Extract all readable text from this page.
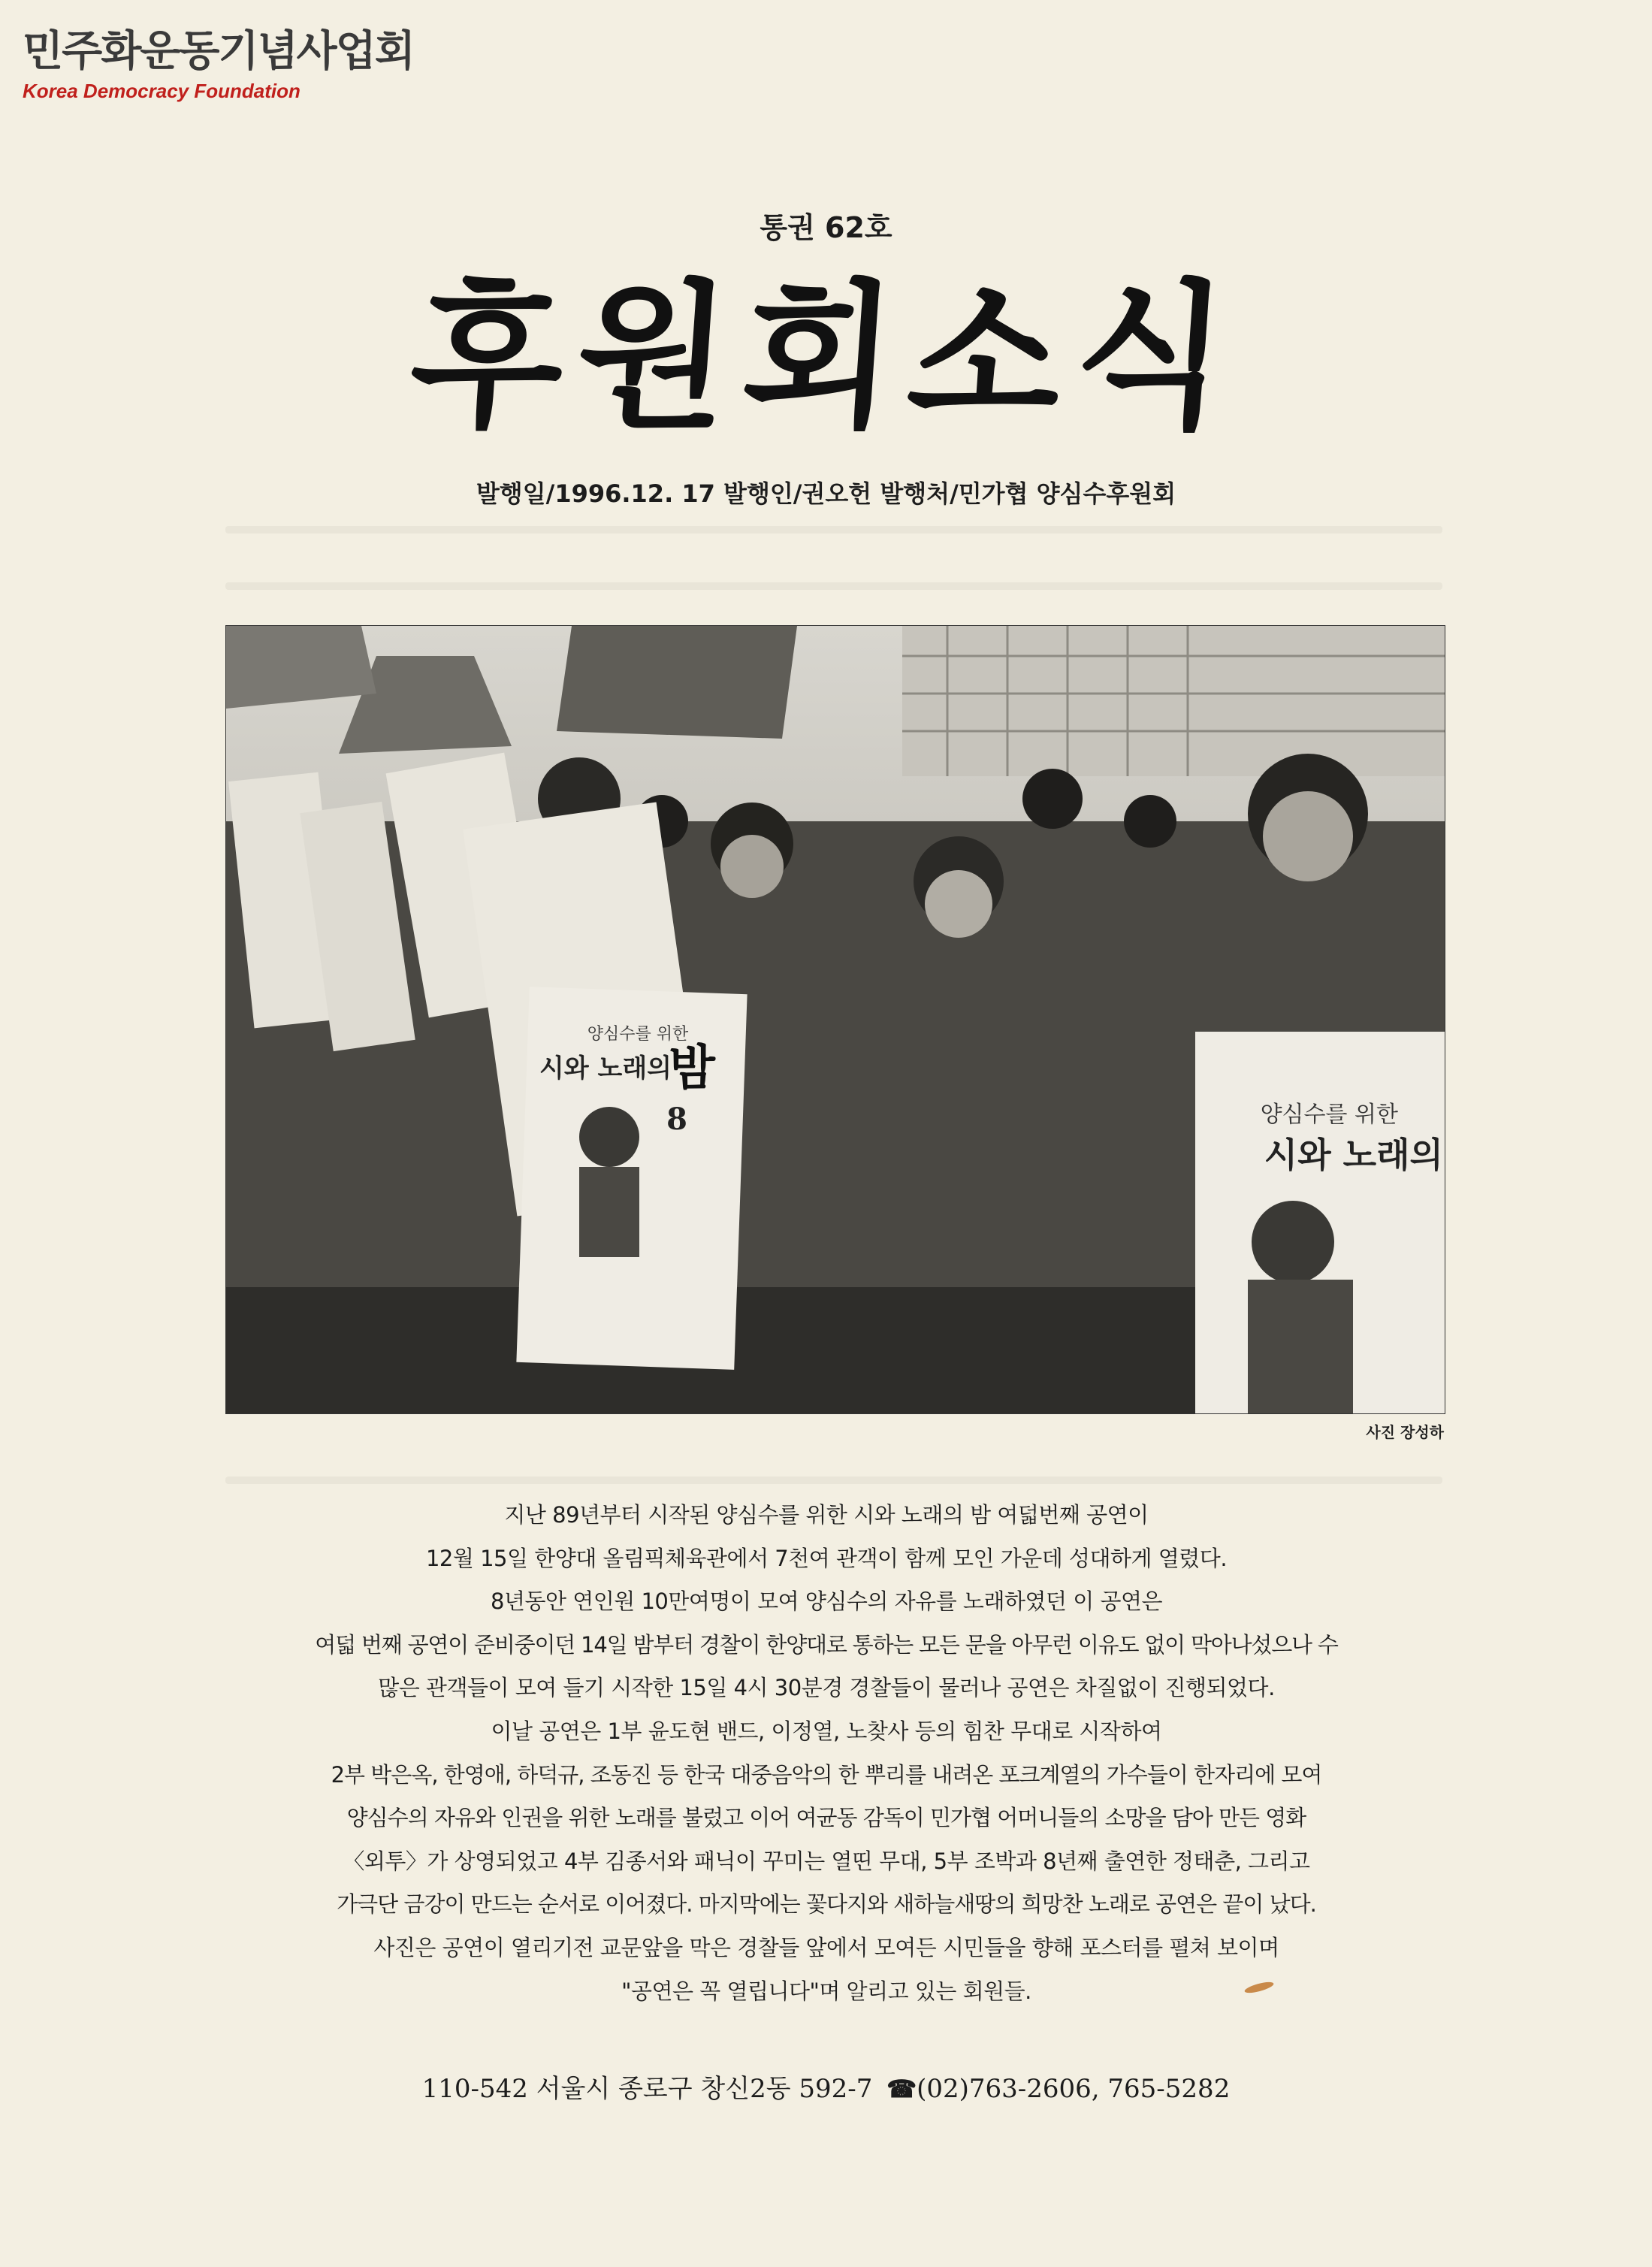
민주화운동기념사업회
Korea Democracy Foundation
통권 62호
후원회소식
발행일/1996.12. 17 발행인/권오헌 발행처/민가협 양심수후원회
양심수를 위한
시와 노래의
밤
8	양심수를 위한
시와 노래의
사진 장성하

지난 89년부터 시작된 양심수를 위한 시와 노래의 밤 여덟번째 공연이

12월 15일 한양대 올림픽체육관에서 7천여 관객이 함께 모인 가운데 성대하게 열렸다.

8년동안 연인원 10만여명이 모여 양심수의 자유를 노래하였던 이 공연은

여덟 번째 공연이 준비중이던 14일 밤부터 경찰이 한양대로 통하는 모든 문을 아무런 이유도 없이 막아나섰으나 수

많은 관객들이 모여 들기 시작한 15일 4시 30분경 경찰들이 물러나 공연은 차질없이 진행되었다.

이날 공연은 1부 윤도현 밴드, 이정열, 노찾사 등의 힘찬 무대로 시작하여

2부 박은옥, 한영애, 하덕규, 조동진 등 한국 대중음악의 한 뿌리를 내려온 포크계열의 가수들이 한자리에 모여

양심수의 자유와 인권을 위한 노래를 불렀고 이어 여균동 감독이 민가협 어머니들의 소망을 담아 만든 영화

〈외투〉가 상영되었고 4부 김종서와 패닉이 꾸미는 열띤 무대, 5부 조박과 8년째 출연한 정태춘, 그리고

가극단 금강이 만드는 순서로 이어졌다. 마지막에는 꽃다지와 새하늘새땅의 희망찬 노래로 공연은 끝이 났다.

사진은 공연이 열리기전 교문앞을 막은 경찰들 앞에서 모여든 시민들을 향해 포스터를 펼쳐 보이며

"공연은 꼭 열립니다"며 알리고 있는 회원들.

110-542 서울시 종로구 창신2동 592-7 ☎(02)763-2606, 765-5282
